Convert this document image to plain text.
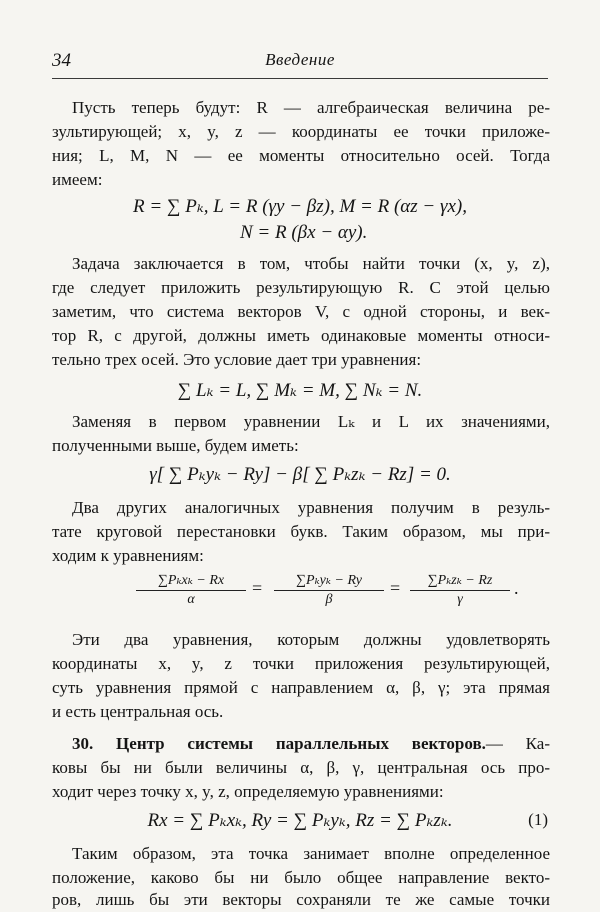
34	Введение
Пусть теперь будут: R — алгебраическая величина ре-
зультирующей; x, y, z — координаты ее точки приложе-
ния; L, M, N — ее моменты относительно осей. Тогда
имеем:
R = ∑ Pₖ, L = R (γy − βz), M = R (αz − γx),
N = R (βx − αy).
Задача заключается в том, чтобы найти точки (x, y, z),
где следует приложить результирующую R. С этой целью
заметим, что система векторов V, с одной стороны, и век-
тор R, с другой, должны иметь одинаковые моменты относи-
тельно трех осей. Это условие дает три уравнения:
∑ Lₖ = L, ∑ Mₖ = M, ∑ Nₖ = N.
Заменяя в первом уравнении Lₖ и L их значениями,
полученными выше, будем иметь:
γ[ ∑ Pₖyₖ − Ry] − β[ ∑ Pₖzₖ − Rz] = 0.
Два других аналогичных уравнения получим в резуль-
тате круговой перестановки букв. Таким образом, мы при-
ходим к уравнениям:
∑Pₖxₖ − Rx
α
=	∑Pₖyₖ − Ry
β
=	∑Pₖzₖ − Rz
γ
.
Эти два уравнения, которым должны удовлетворять
координаты x, y, z точки приложения результирующей,
суть уравнения прямой с направлением α, β, γ; эта прямая
и есть центральная ось.
30. Центр системы параллельных векторов.— Ка-
ковы бы ни были величины α, β, γ, центральная ось про-
ходит через точку x, y, z, определяемую уравнениями:
Rx = ∑ Pₖxₖ, Ry = ∑ Pₖyₖ, Rz = ∑ Pₖzₖ.	(1)
Таким образом, эта точка занимает вполне определенное
положение, каково бы ни было общее направление векто-
ров, лишь бы эти векторы сохраняли те же самые точки
